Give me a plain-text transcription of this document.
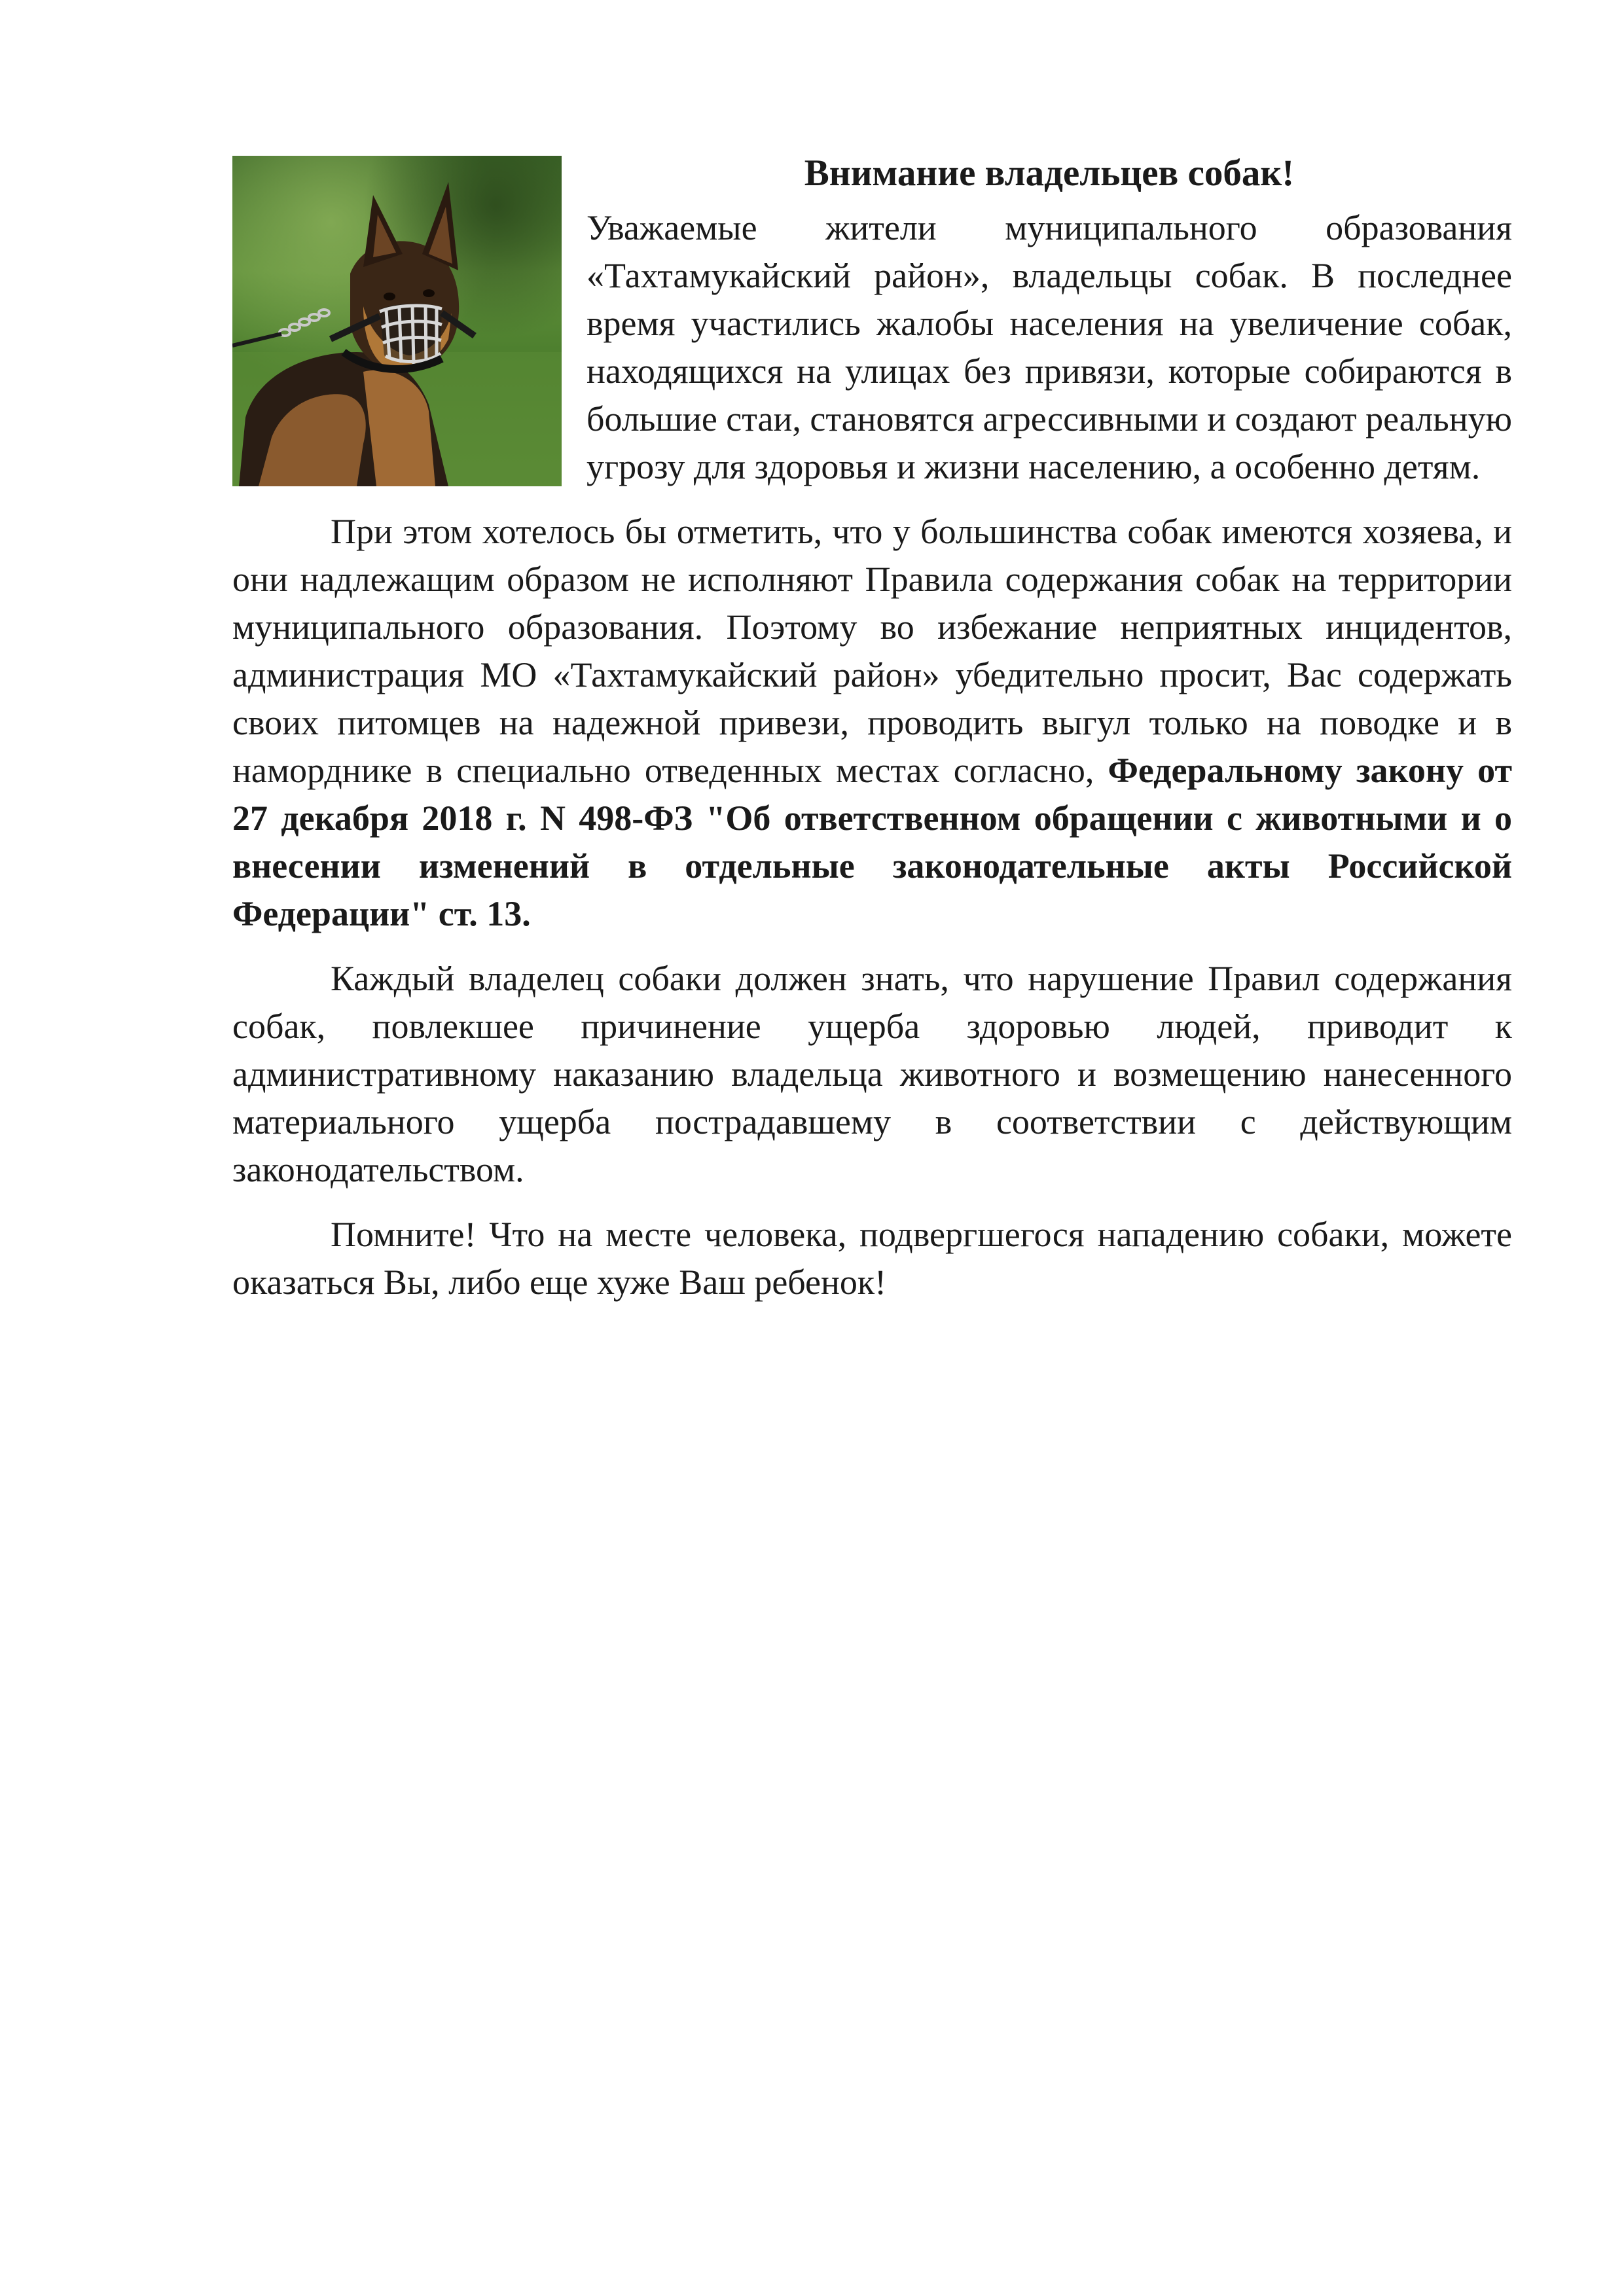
Внимание владельцев собак!

Уважаемые жители муниципального образования «Тахтамукайский район», владельцы собак. В последнее время участились жалобы населения на увеличение собак, находящихся на улицах без привязи, которые собираются в большие стаи, становятся агрессивными и создают реальную угрозу для здоровья и жизни населению, а особенно детям.

При этом хотелось бы отметить, что у большинства собак имеются хозяева, и они надлежащим образом не исполняют Правила содержания собак на территории муниципального образования. Поэтому во избежание неприятных инцидентов, администрация МО «Тахтамукайский район» убедительно просит, Вас содержать своих питомцев на надежной привези, проводить выгул только на поводке и в наморднике в специально отведенных местах согласно, Федеральному закону от 27 декабря 2018 г. N 498-ФЗ "Об ответственном обращении с животными и о внесении изменений в отдельные законодательные акты Российской Федерации" ст. 13.

Каждый владелец собаки должен знать, что нарушение Правил содержания собак, повлекшее причинение ущерба здоровью людей, приводит к административному наказанию владельца животного и возмещению нанесенного материального ущерба пострадавшему в соответствии с действующим законодательством.

Помните! Что на месте человека, подвергшегося нападению собаки, можете оказаться Вы, либо еще хуже Ваш ребенок!
